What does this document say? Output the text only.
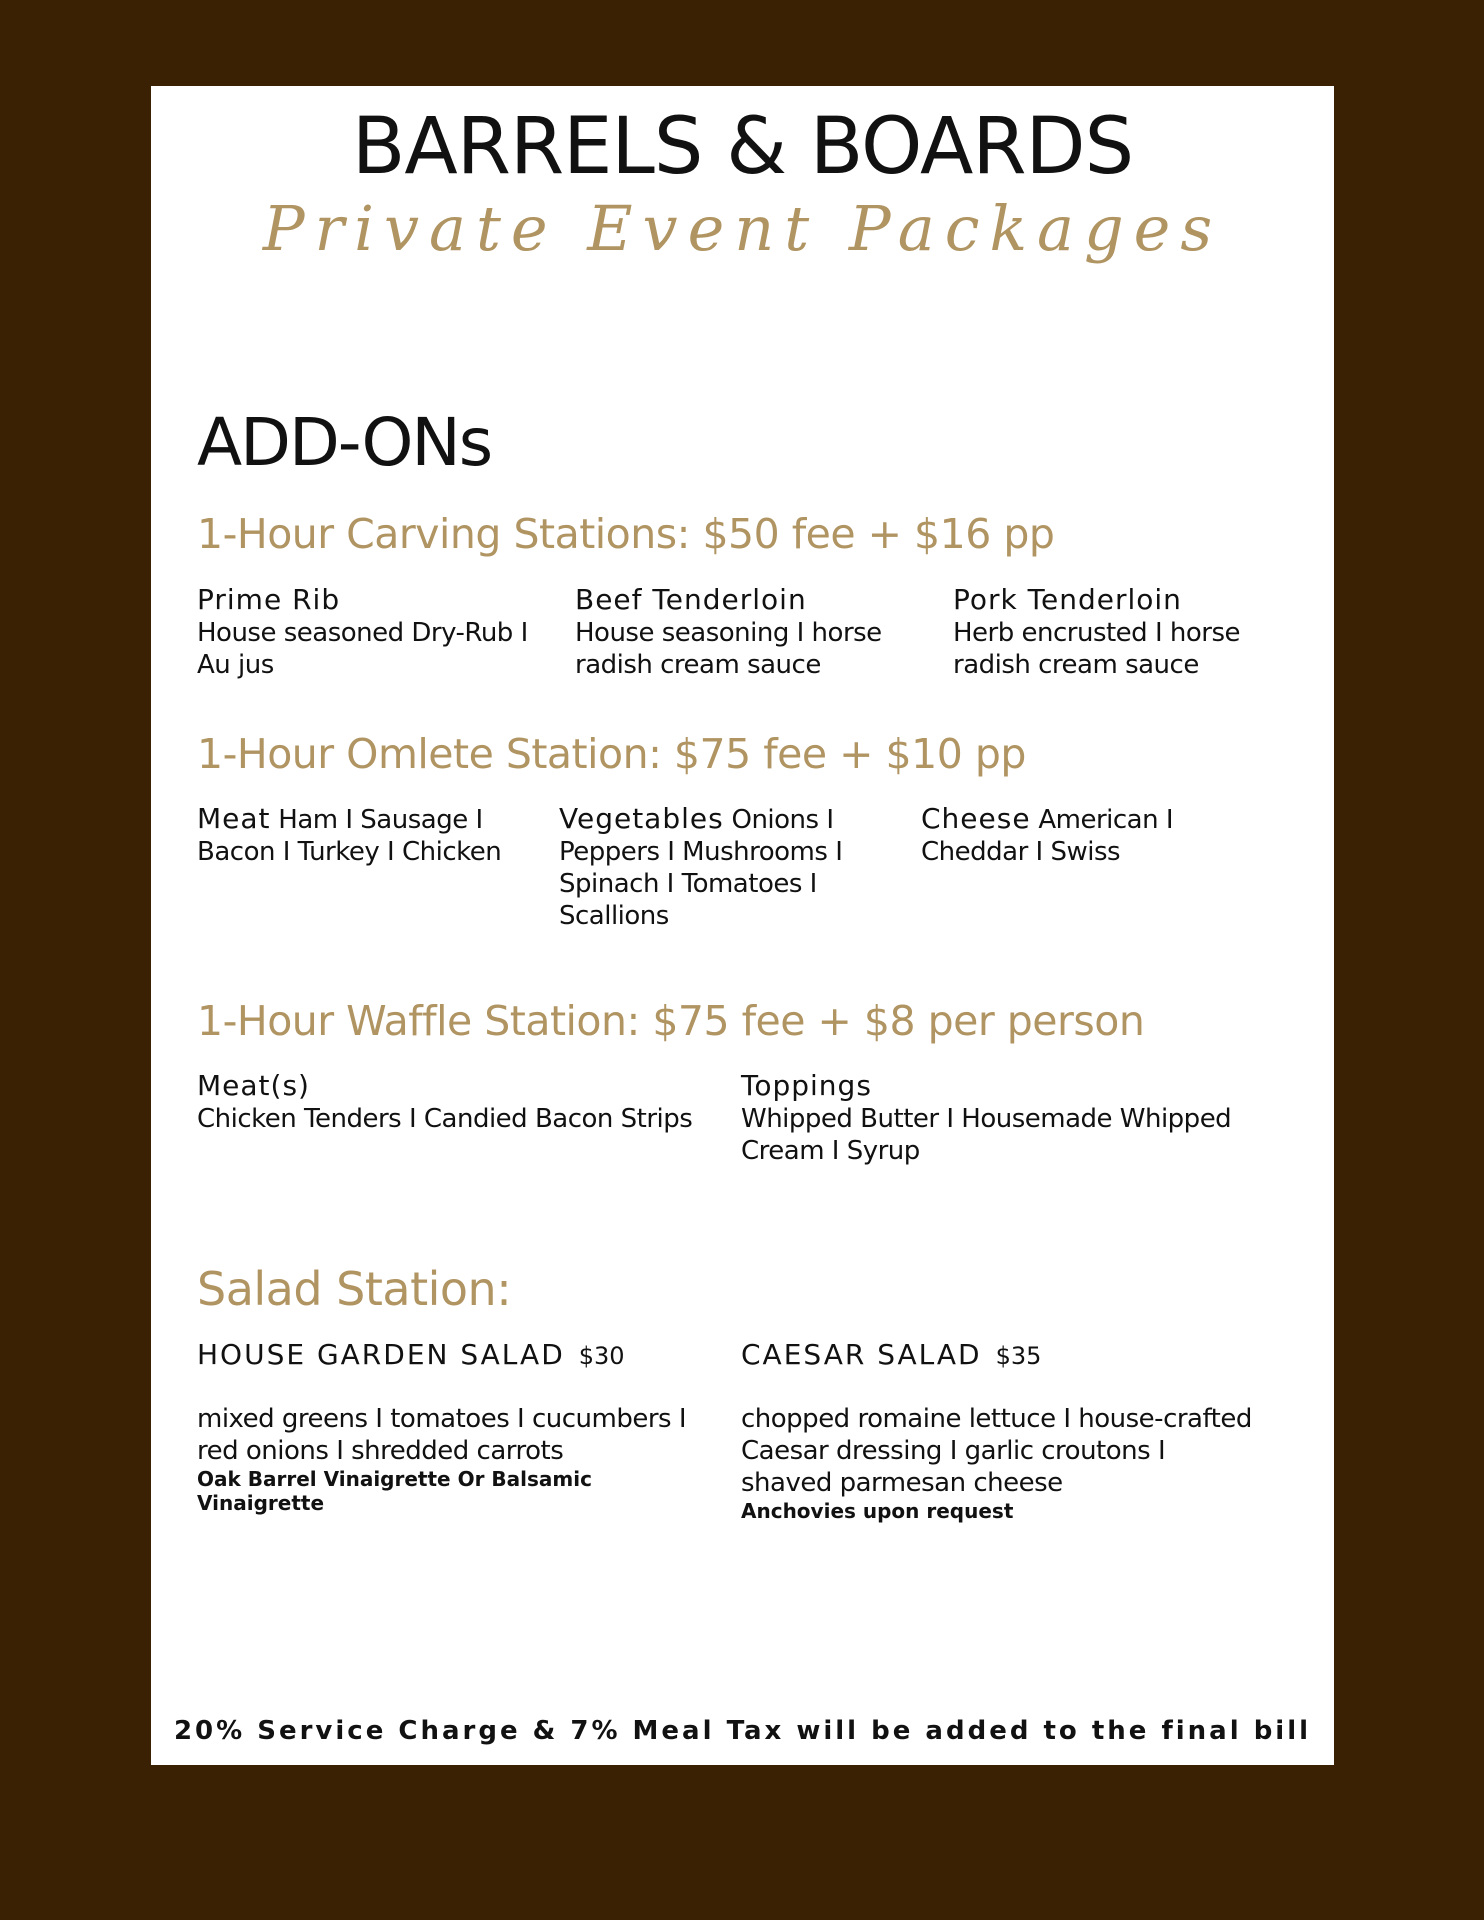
BARRELS & BOARDS
Private Event Packages
ADD-ONs
1-Hour Carving Stations: $50 fee + $16 pp
Prime Rib
House seasoned Dry-Rub I Au jus
Beef Tenderloin
House seasoning I horse radish cream sauce
Pork Tenderloin
Herb encrusted I horse radish cream sauce
1-Hour Omlete Station: $75 fee + $10 pp
Meat Ham I Sausage I Bacon I Turkey I Chicken
Vegetables Onions I Peppers I Mushrooms I Spinach I Tomatoes I Scallions
Cheese American I Cheddar I Swiss
1-Hour Waffle Station: $75 fee + $8 per person
Meat(s)
Chicken Tenders I Candied Bacon Strips
Toppings
Whipped Butter I Housemade Whipped Cream I Syrup
Salad Station:
HOUSE GARDEN SALAD $30
mixed greens I tomatoes I cucumbers I red onions I shredded carrots
Oak Barrel Vinaigrette Or Balsamic Vinaigrette
CAESAR SALAD $35
chopped romaine lettuce I house-crafted Caesar dressing I garlic croutons I shaved parmesan cheese
Anchovies upon request
20% Service Charge & 7% Meal Tax will be added to the final bill
